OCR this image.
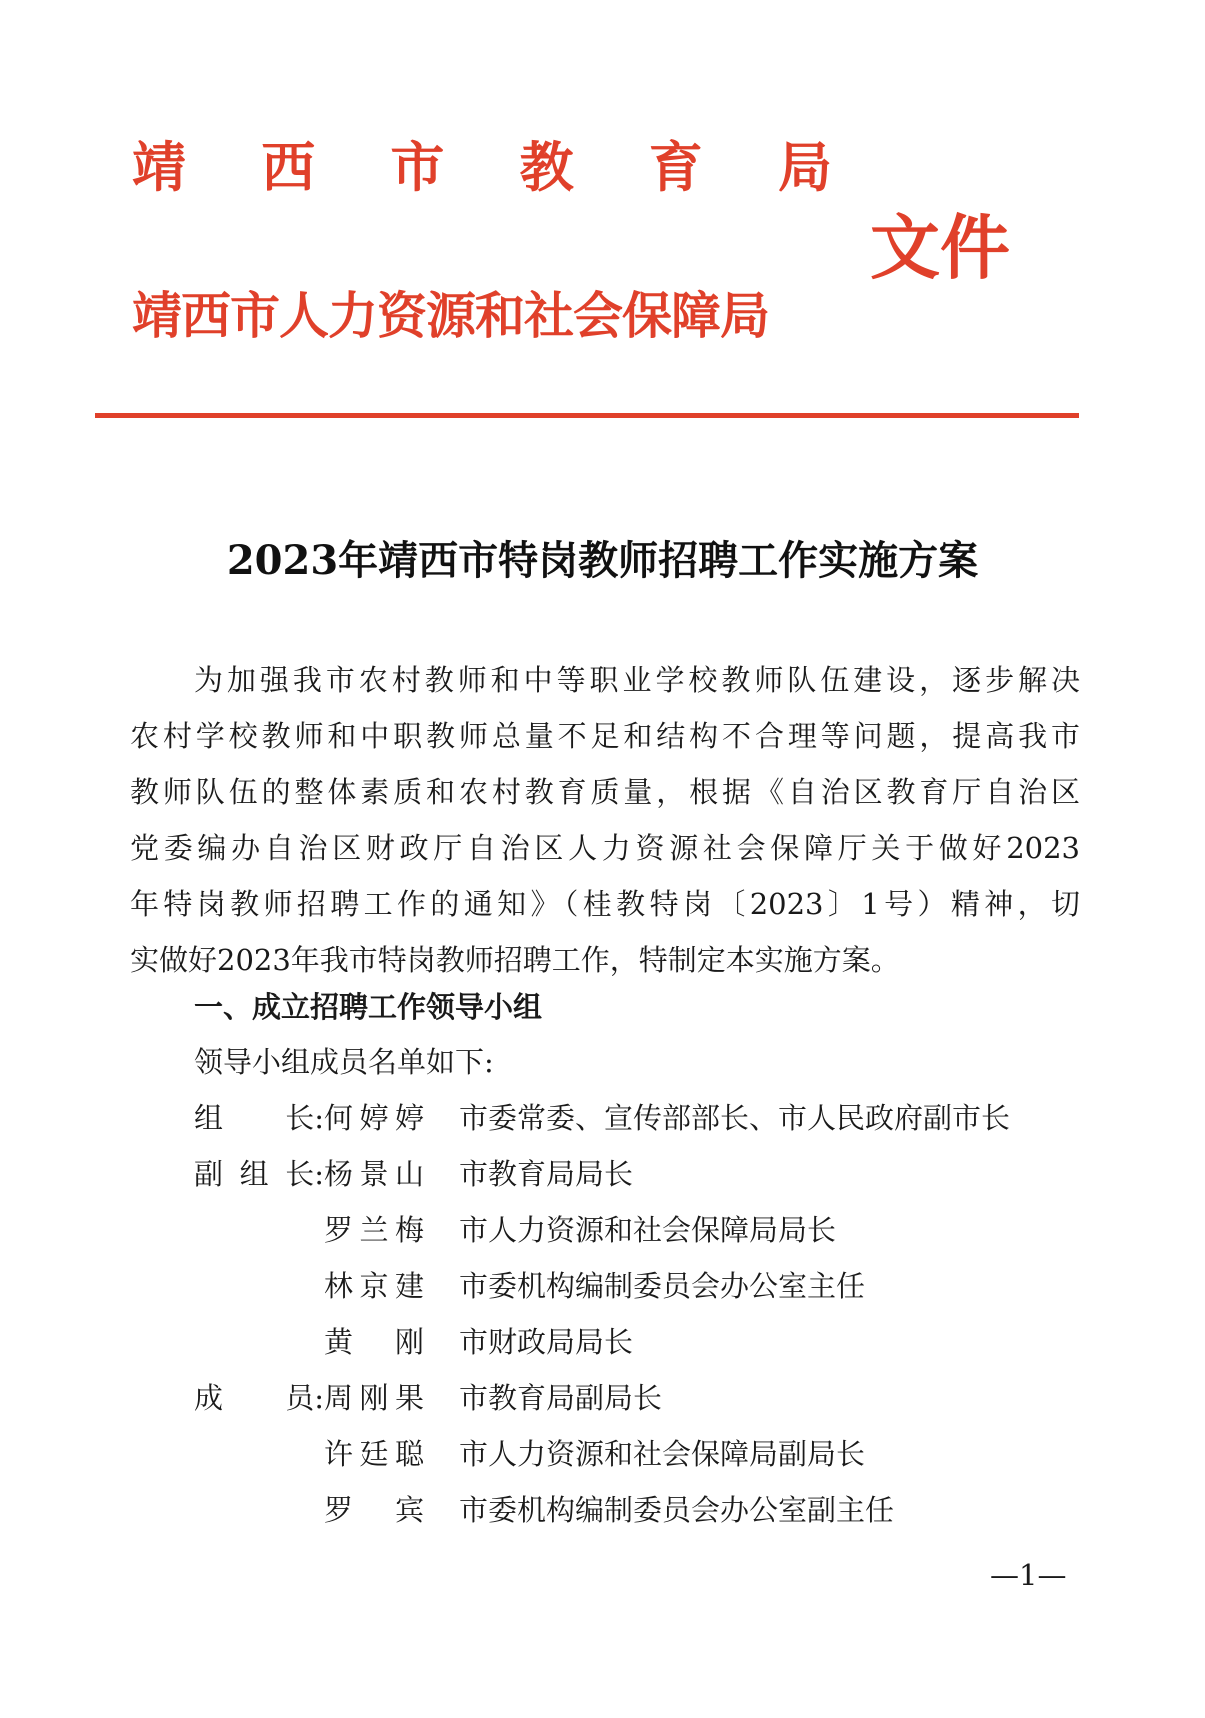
靖 西 市 教 育 局
靖西市人力资源和社会保障局
文件
2023年靖西市特岗教师招聘工作实施方案
为加强我市农村教师和中等职业学校教师队伍建设，逐步解决
农村学校教师和中职教师总量不足和结构不合理等问题，提高我市
教师队伍的整体素质和农村教育质量，根据《自治区教育厅自治区
党委编办自治区财政厅自治区人力资源社会保障厅关于做好2023
年特岗教师招聘工作的通知》（桂教特岗〔2023〕1号）精神，切
实做好2023年我市特岗教师招聘工作，特制定本实施方案。
一、成立招聘工作领导小组
领导小组成员名单如下:
组长 : 何婷婷 市委常委、宣传部部长、市人民政府副市长
副组长 : 杨景山 市教育局局长
罗兰梅 市人力资源和社会保障局局长
林京建 市委机构编制委员会办公室主任
黄刚 市财政局局长
成员 : 周刚果 市教育局副局长
许廷聪 市人力资源和社会保障局副局长
罗宾 市委机构编制委员会办公室副主任
—1—
